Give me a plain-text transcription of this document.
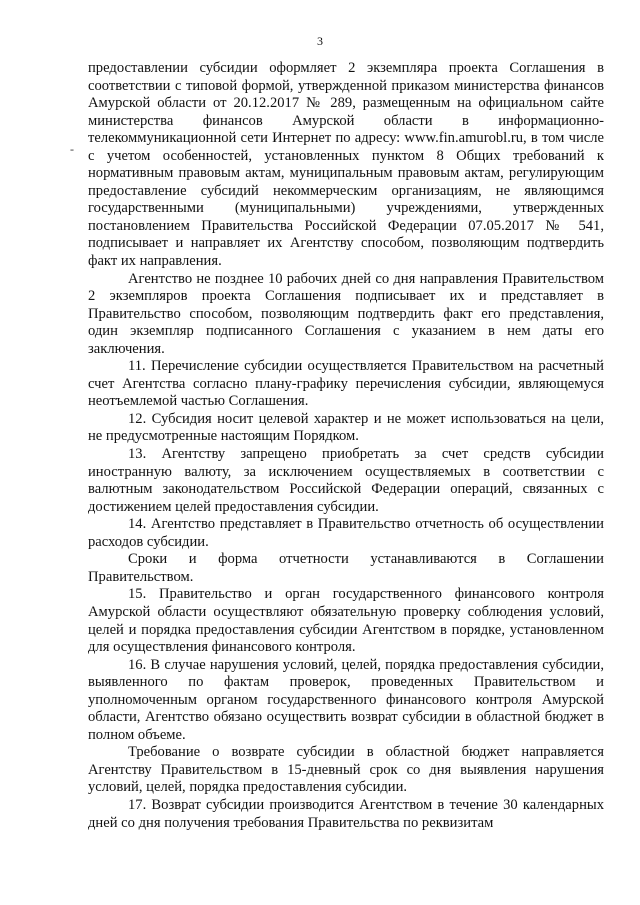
3
-

предоставлении субсидии оформляет 2 экземпляра проекта Соглашения в соответствии с типовой формой, утвержденной приказом министерства финансов Амурской области от 20.12.2017 № 289, размещенным на официальном сайте министерства финансов Амурской области в информационно-телекоммуникационной сети Интернет по адресу: www.fin.amurobl.ru, в том числе с учетом особенностей, установленных пунктом 8 Общих требований к нормативным правовым актам, муниципальным правовым актам, регулирующим предоставление субсидий некоммерческим организациям, не являющимся государственными (муниципальными) учреждениями, утвержденных постановлением Правительства Российской Федерации 07.05.2017 № 541, подписывает и направляет их Агентству способом, позволяющим подтвердить факт их направления.

Агентство не позднее 10 рабочих дней со дня направления Правительством 2 экземпляров проекта Соглашения подписывает их и представляет в Правительство способом, позволяющим подтвердить факт его представления, один экземпляр подписанного Соглашения с указанием в нем даты его заключения.

11. Перечисление субсидии осуществляется Правительством на расчетный счет Агентства согласно плану-графику перечисления субсидии, являющемуся неотъемлемой частью Соглашения.

12. Субсидия носит целевой характер и не может использоваться на цели, не предусмотренные настоящим Порядком.

13. Агентству запрещено приобретать за счет средств субсидии иностранную валюту, за исключением осуществляемых в соответствии с валютным законодательством Российской Федерации операций, связанных с достижением целей предоставления субсидии.

14. Агентство представляет в Правительство отчетность об осуществлении расходов субсидии.

Сроки и форма отчетности устанавливаются в Соглашении Правительством.

15. Правительство и орган государственного финансового контроля Амурской области осуществляют обязательную проверку соблюдения условий, целей и порядка предоставления субсидии Агентством в порядке, установленном для осуществления финансового контроля.

16. В случае нарушения условий, целей, порядка предоставления субсидии, выявленного по фактам проверок, проведенных Правительством и уполномоченным органом государственного финансового контроля Амурской области, Агентство обязано осуществить возврат субсидии в областной бюджет в полном объеме.

Требование о возврате субсидии в областной бюджет направляется Агентству Правительством в 15-дневный срок со дня выявления нарушения условий, целей, порядка предоставления субсидии.

17. Возврат субсидии производится Агентством в течение 30 календарных дней со дня получения требования Правительства по реквизитам
